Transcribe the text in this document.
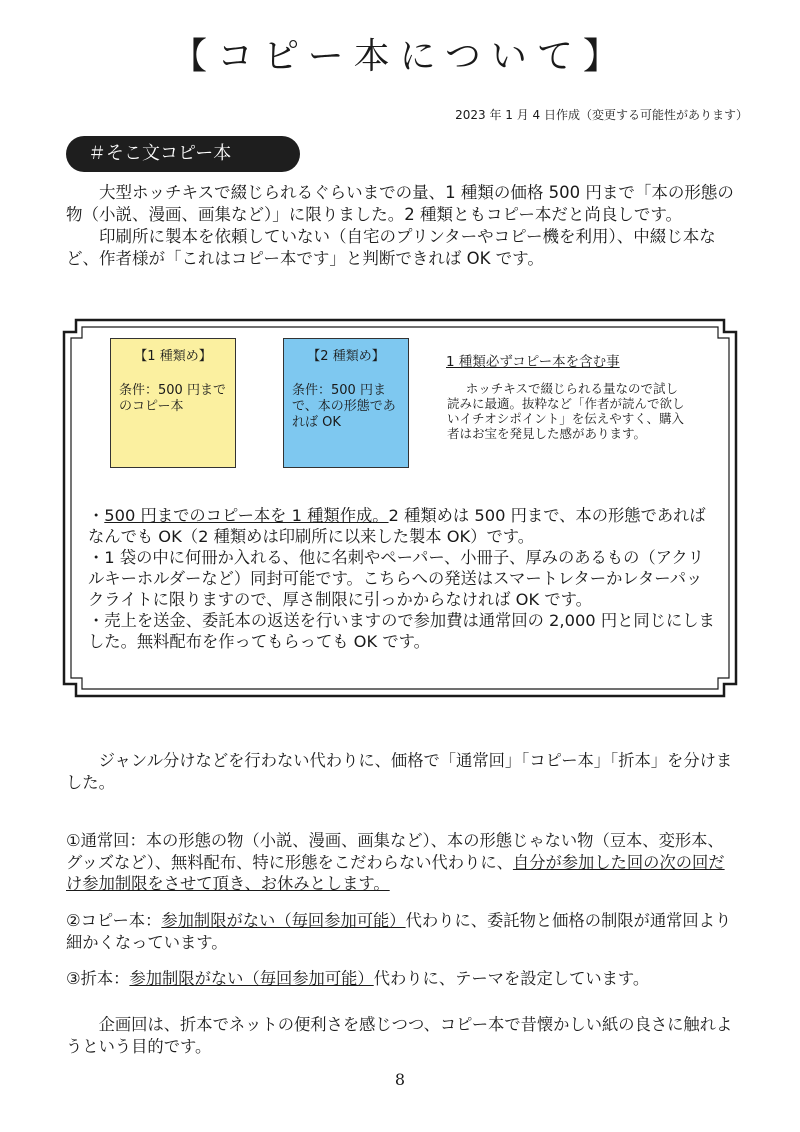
【コピー本について】
2023 年 1 月 4 日作成（変更する可能性があります）
＃そこ文コピー本

大型ホッチキスで綴じられるぐらいまでの量、1 種類の価格 500 円まで「本の形態の物（小説、漫画、画集など）」に限りました。2 種類ともコピー本だと尚良しです。

印刷所に製本を依頼していない（自宅のプリンターやコピー機を利用）、中綴じ本など、作者様が「これはコピー本です」と判断できれば OK です。

【1 種類め】
条件：500 円までのコピー本
【2 種類め】
条件：500 円まで、本の形態であれば OK
1 種類必ずコピー本を含む事
ホッチキスで綴じられる量なので試し読みに最適。抜粋など「作者が読んで欲しいイチオシポイント」を伝えやすく、購入者はお宝を発見した感があります。
・500 円までのコピー本を 1 種類作成。2 種類めは 500 円まで、本の形態であればなんでも OK（2 種類めは印刷所に以来した製本 OK）です。
・1 袋の中に何冊か入れる、他に名刺やペーパー、小冊子、厚みのあるもの（アクリルキーホルダーなど）同封可能です。こちらへの発送はスマートレターかレターパックライトに限りますので、厚さ制限に引っかからなければ OK です。
・売上を送金、委託本の返送を行いますので参加費は通常回の 2,000 円と同じにしました。無料配布を作ってもらっても OK です。

ジャンル分けなどを行わない代わりに、価格で「通常回」「コピー本」「折本」を分けました。

①通常回：本の形態の物（小説、漫画、画集など）、本の形態じゃない物（豆本、変形本、グッズなど）、無料配布、特に形態をこだわらない代わりに、自分が参加した回の次の回だけ参加制限をさせて頂き、お休みとします。

②コピー本：参加制限がない（毎回参加可能）代わりに、委託物と価格の制限が通常回より細かくなっています。

③折本：参加制限がない（毎回参加可能）代わりに、テーマを設定しています。

企画回は、折本でネットの便利さを感じつつ、コピー本で昔懐かしい紙の良さに触れようという目的です。

8
